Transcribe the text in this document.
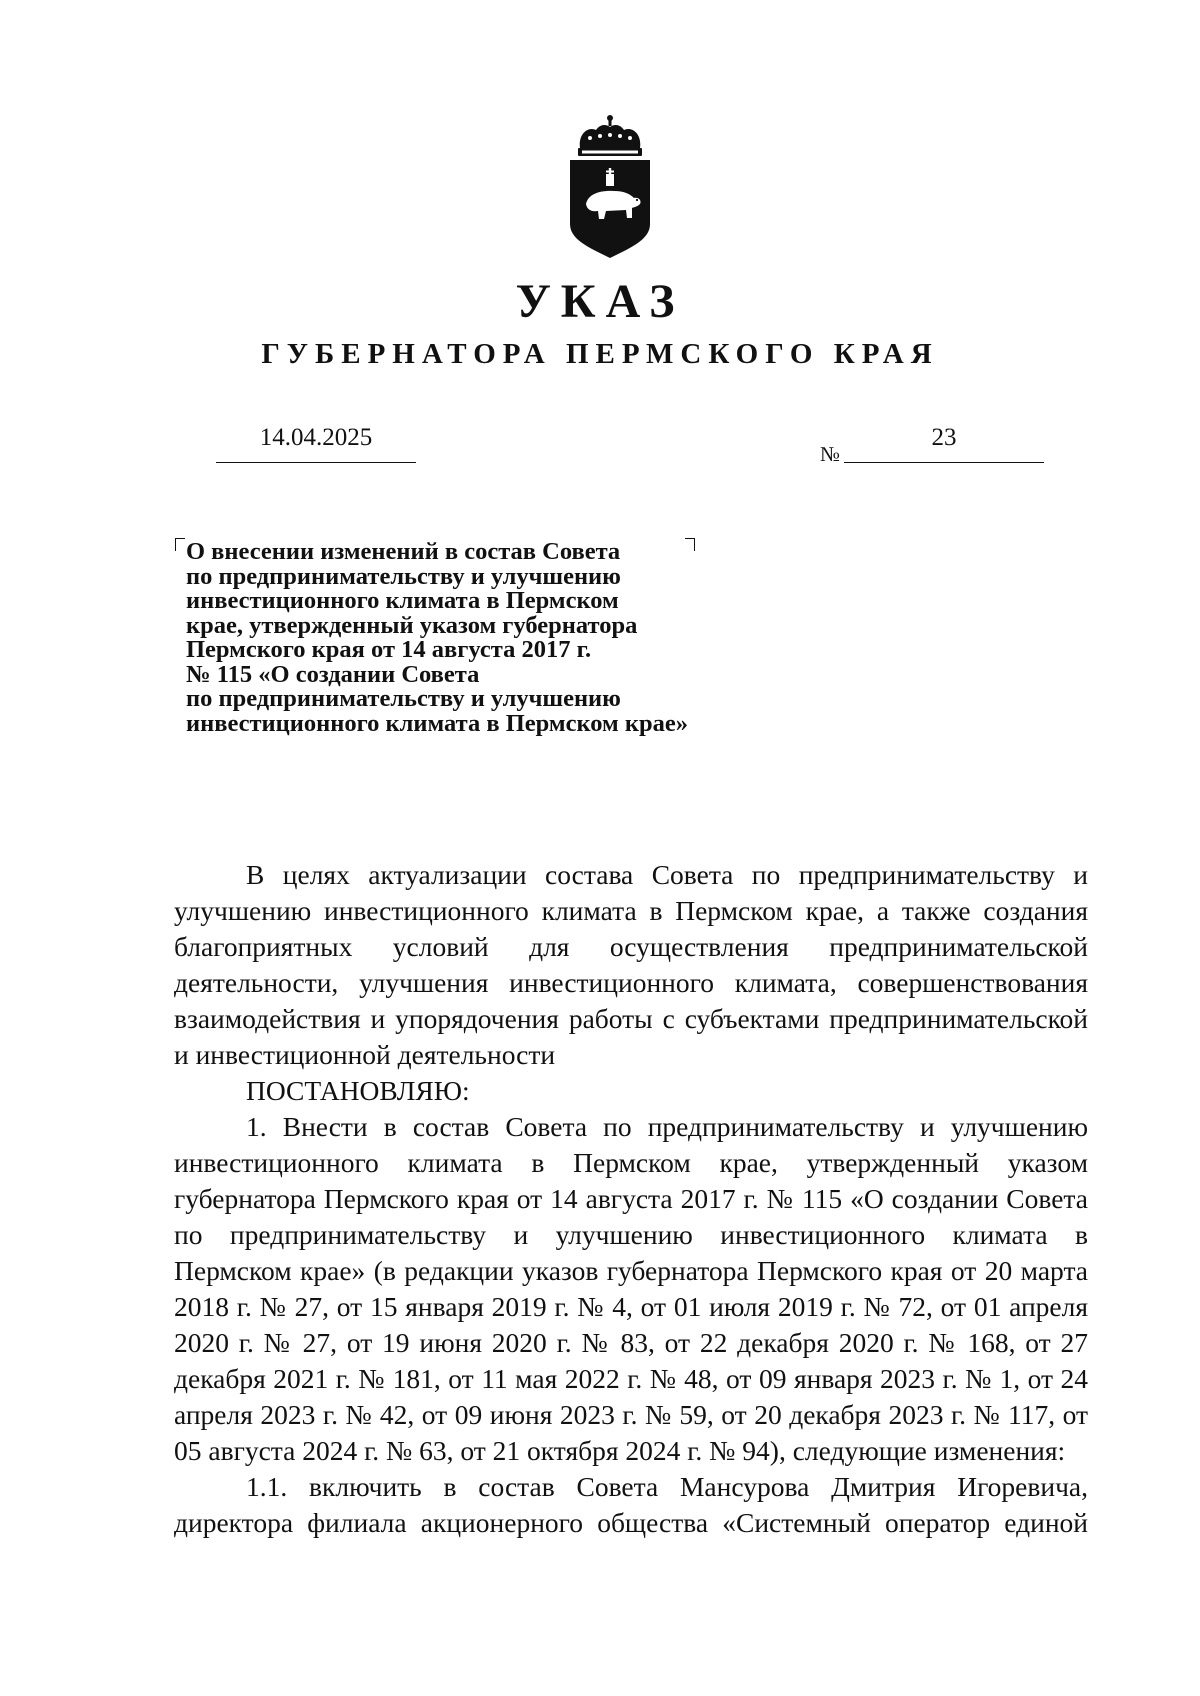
УКАЗ
ГУБЕРНАТОРА ПЕРМСКОГО КРАЯ
14.04.2025
№
23
О внесении изменений в состав Совета
по предпринимательству и улучшению
инвестиционного климата в Пермском
крае, утвержденный указом губернатора
Пермского края от 14 августа 2017 г.
№ 115 «О создании Совета
по предпринимательству и улучшению
инвестиционного климата в Пермском крае»

В целях актуализации состава Совета по предпринимательству и улучшению инвестиционного климата в Пермском крае, а также создания благоприятных условий для осуществления предпринимательской деятельности, улучшения инвестиционного климата, совершенствования взаимодействия и упорядочения работы с субъектами предпринимательской и инвестиционной деятельности

ПОСТАНОВЛЯЮ:

1. Внести в состав Совета по предпринимательству и улучшению инвестиционного климата в Пермском крае, утвержденный указом губернатора Пермского края от 14 августа 2017 г. № 115 «О создании Совета по предпринимательству и улучшению инвестиционного климата в Пермском крае» (в редакции указов губернатора Пермского края от 20 марта 2018 г. № 27, от 15 января 2019 г. № 4, от 01 июля 2019 г. № 72, от 01 апреля 2020 г. № 27, от 19 июня 2020 г. № 83, от 22 декабря 2020 г. № 168, от 27 декабря 2021 г. № 181, от 11 мая 2022 г. № 48, от 09 января 2023 г. № 1, от 24 апреля 2023 г. № 42, от 09 июня 2023 г. № 59, от 20 декабря 2023 г. № 117, от 05 августа 2024 г. № 63, от 21 октября 2024 г. № 94), следующие изменения:

1.1. включить в состав Совета Мансурова Дмитрия Игоревича, директора филиала акционерного общества «Системный оператор единой
